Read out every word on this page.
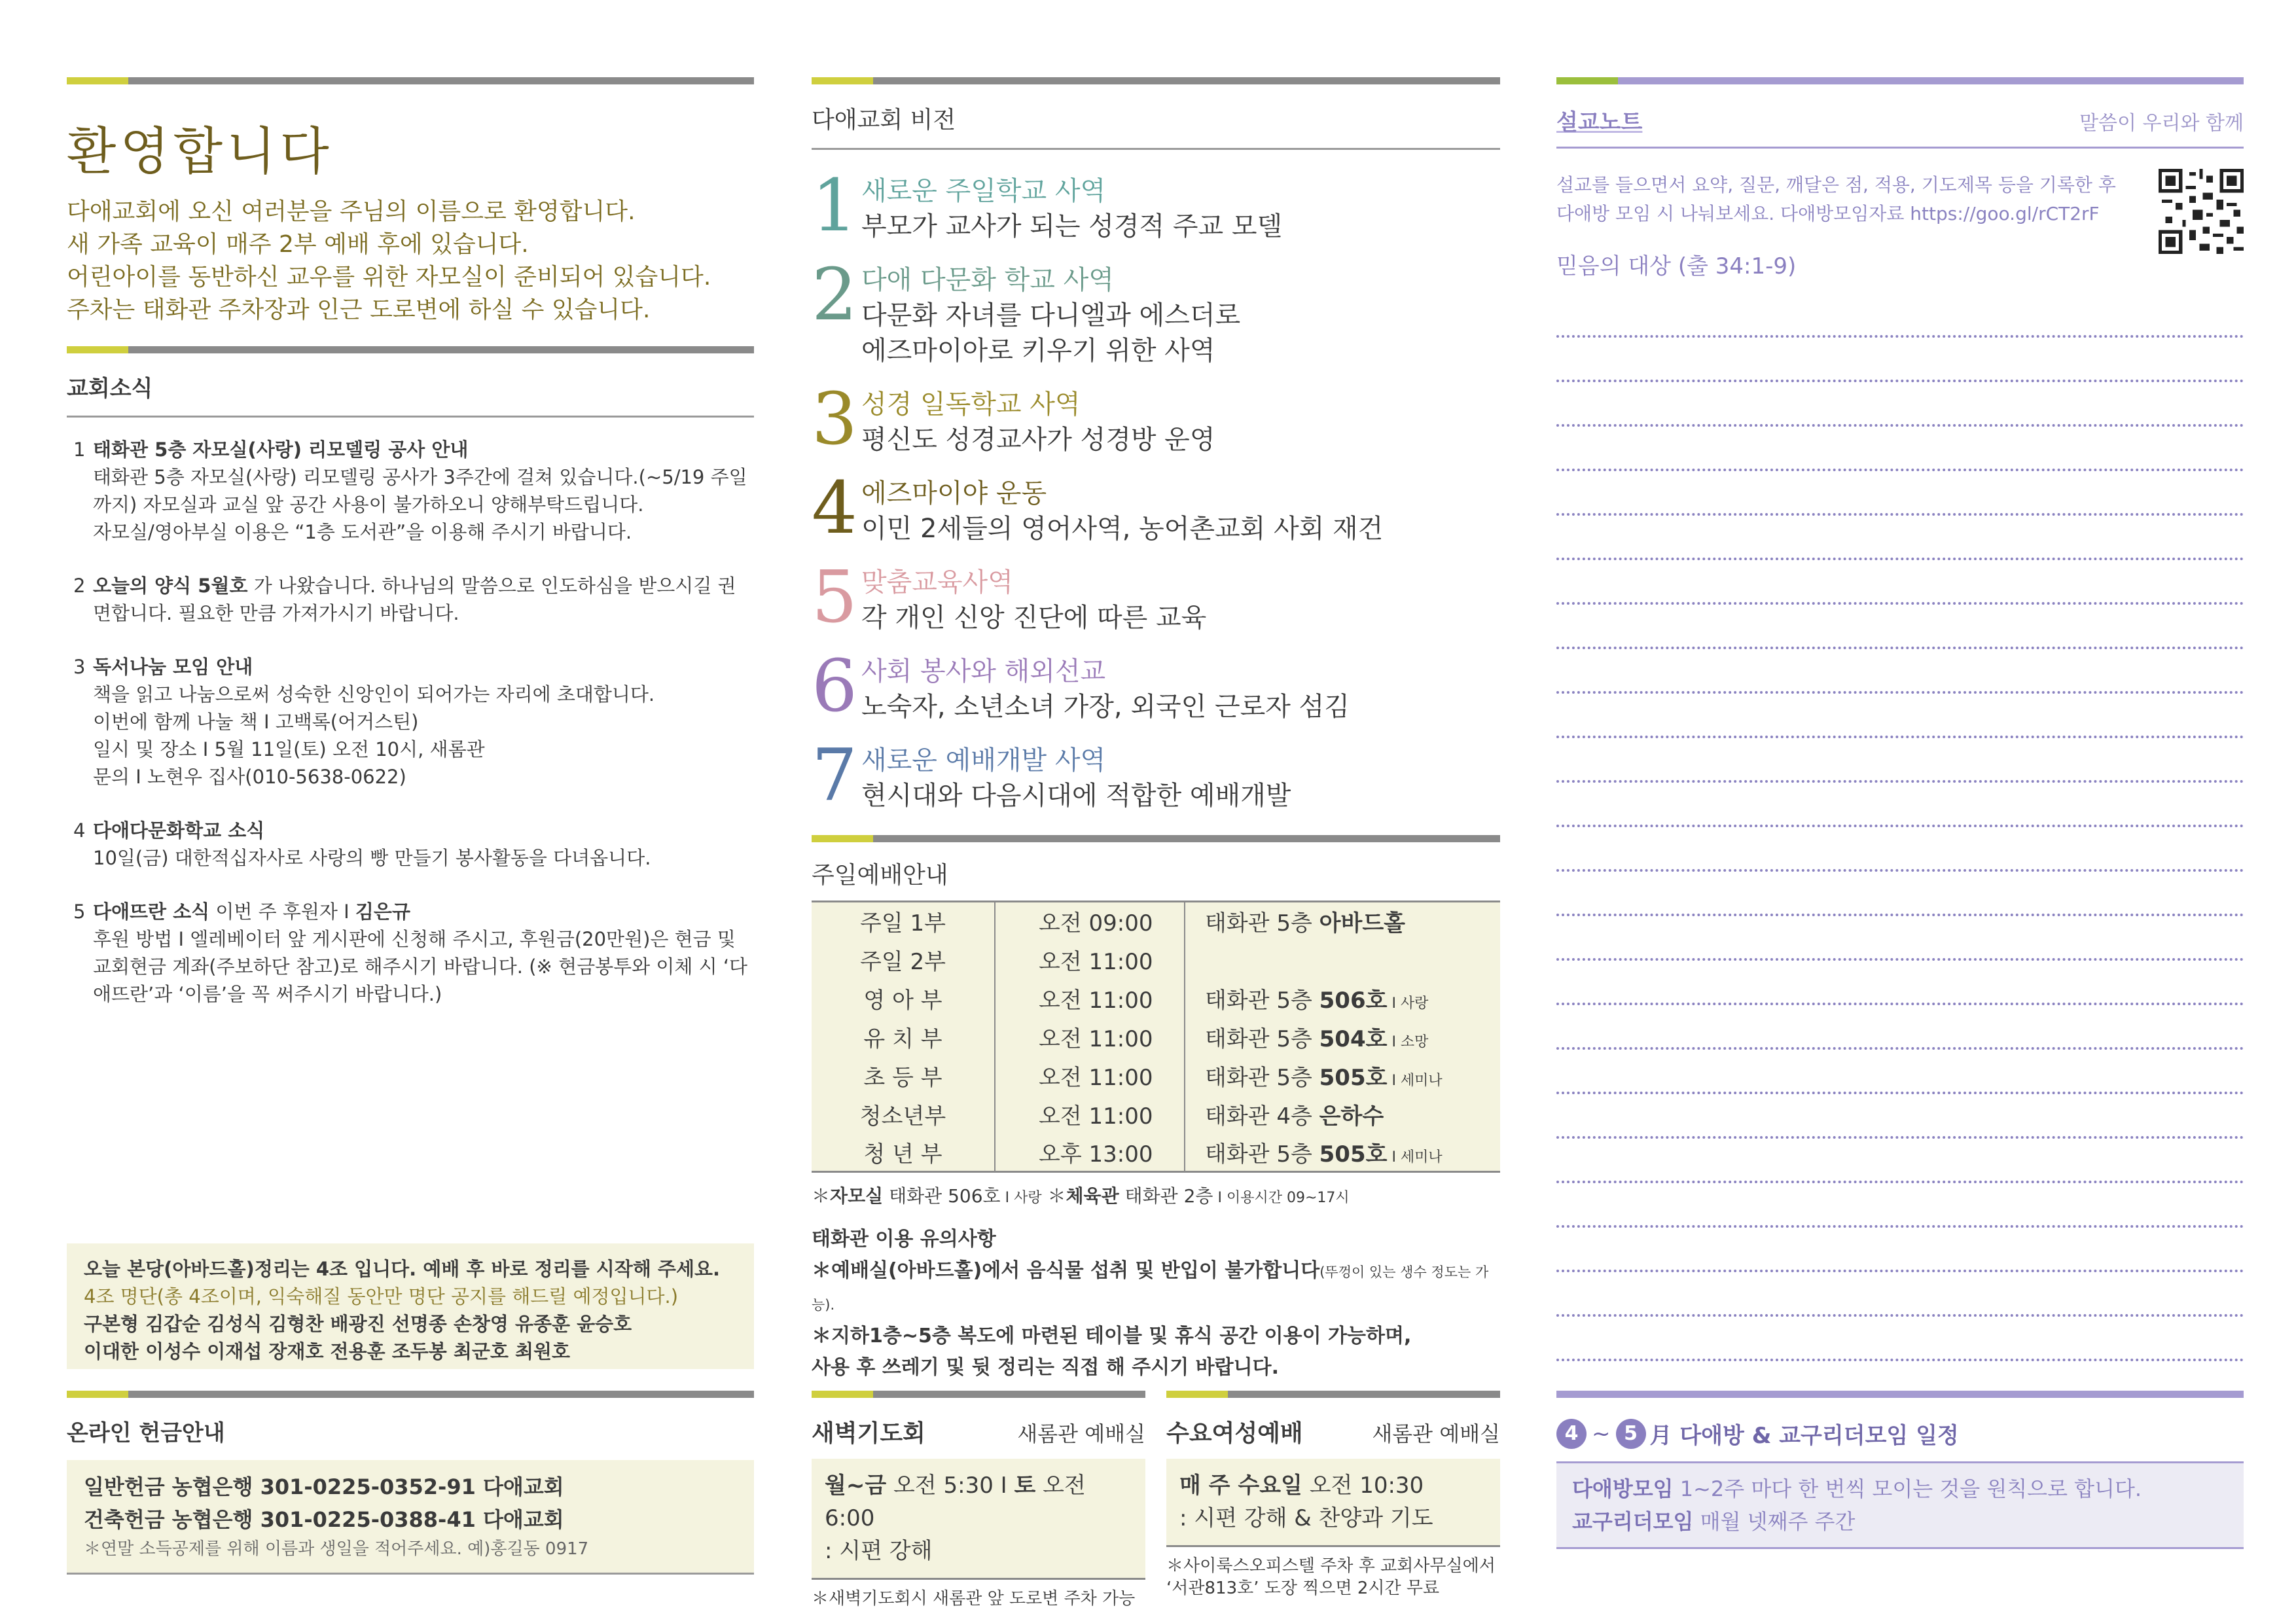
환영합니다
다애교회에 오신 여러분을 주님의 이름으로 환영합니다.
새 가족 교육이 매주 2부 예배 후에 있습니다.
어린아이를 동반하신 교우를 위한 자모실이 준비되어 있습니다.
주차는 태화관 주차장과 인근 도로변에 하실 수 있습니다.
교회소식
1 태화관 5층 자모실(사랑) 리모델링 공사 안내
태화관 5층 자모실(사랑) 리모델링 공사가 3주간에 걸쳐 있습니다.(~5/19 주일까지) 자모실과 교실 앞 공간 사용이 불가하오니 양해부탁드립니다.
자모실/영아부실 이용은 “1층 도서관”을 이용해 주시기 바랍니다.
2 오늘의 양식 5월호 가 나왔습니다. 하나님의 말씀으로 인도하심을 받으시길 권면합니다. 필요한 만큼 가져가시기 바랍니다.
3 독서나눔 모임 안내
책을 읽고 나눔으로써 성숙한 신앙인이 되어가는 자리에 초대합니다.
이번에 함께 나눌 책 I 고백록(어거스틴)
일시 및 장소 I 5월 11일(토) 오전 10시, 새롬관
문의 I 노현우 집사(010-5638-0622)
4 다애다문화학교 소식
10일(금) 대한적십자사로 사랑의 빵 만들기 봉사활동을 다녀옵니다.
5 다애뜨란 소식 이번 주 후원자 I 김은규
후원 방법 I 엘레베이터 앞 게시판에 신청해 주시고, 후원금(20만원)은 현금 및 교회현금 계좌(주보하단 참고)로 해주시기 바랍니다. (※ 현금봉투와 이체 시 ‘다애뜨란’과 ‘이름’을 꼭 써주시기 바랍니다.)
오늘 본당(아바드홀)정리는 4조 입니다. 예배 후 바로 정리를 시작해 주세요.
4조 명단(총 4조이며, 익숙해질 동안만 명단 공지를 해드릴 예정입니다.)
구본형 김갑순 김성식 김형찬 배광진 선명종 손창영 유종훈 윤승호
이대한 이성수 이재섭 장재호 전용훈 조두봉 최군호 최원호
온라인 헌금안내
일반헌금 농협은행 301-0225-0352-91 다애교회
건축헌금 농협은행 301-0225-0388-41 다애교회
＊연말 소득공제를 위해 이름과 생일을 적어주세요. 예)홍길동 0917
다애교회 비전
1 새로운 주일학교 사역
부모가 교사가 되는 성경적 주교 모델
2 다애 다문화 학교 사역
다문화 자녀를 다니엘과 에스더로
에즈마이아로 키우기 위한 사역
3 성경 일독학교 사역
평신도 성경교사가 성경방 운영
4 에즈마이야 운동
이민 2세들의 영어사역, 농어촌교회 사회 재건
5 맞춤교육사역
각 개인 신앙 진단에 따른 교육
6 사회 봉사와 해외선교
노숙자, 소년소녀 가장, 외국인 근로자 섬김
7 새로운 예배개발 사역
현시대와 다음시대에 적합한 예배개발
주일예배안내
주일 1부	오전 09:00	태화관 5층 아바드홀
주일 2부	오전 11:00	
영 아 부	오전 11:00	태화관 5층 506호 I 사랑
유 치 부	오전 11:00	태화관 5층 504호 I 소망
초 등 부	오전 11:00	태화관 5층 505호 I 세미나
청소년부	오전 11:00	태화관 4층 은하수
청 년 부	오후 13:00	태화관 5층 505호 I 세미나
＊자모실 태화관 506호 I 사랑 ＊체육관 태화관 2층 I 이용시간 09~17시
태화관 이용 유의사항
＊예배실(아바드홀)에서 음식물 섭취 및 반입이 불가합니다(뚜껑이 있는 생수 정도는 가능).
＊지하1층~5층 복도에 마련된 테이블 및 휴식 공간 이용이 가능하며,
사용 후 쓰레기 및 뒷 정리는 직접 해 주시기 바랍니다.
새벽기도회	새롬관 예배실
월~금 오전 5:30 I 토 오전 6:00
: 시편 강해
＊새벽기도회시 새롬관 앞 도로변 주차 가능
수요여성예배	새롬관 예배실
매 주 수요일 오전 10:30
: 시편 강해 & 찬양과 기도
＊사이룩스오피스텔 주차 후 교회사무실에서
‘서관813호’ 도장 찍으면 2시간 무료
설교노트	말씀이 우리와 함께
설교를 들으면서 요약, 질문, 깨달은 점, 적용, 기도제목 등을 기록한 후 다애방 모임 시 나눠보세요. 다애방모임자료 https://goo.gl/rCT2rF
믿음의 대상 (출 34:1-9)
4 ~ 5 月 다애방 & 교구리더모임 일정
다애방모임 1~2주 마다 한 번씩 모이는 것을 원칙으로 합니다.
교구리더모임 매월 넷째주 주간
